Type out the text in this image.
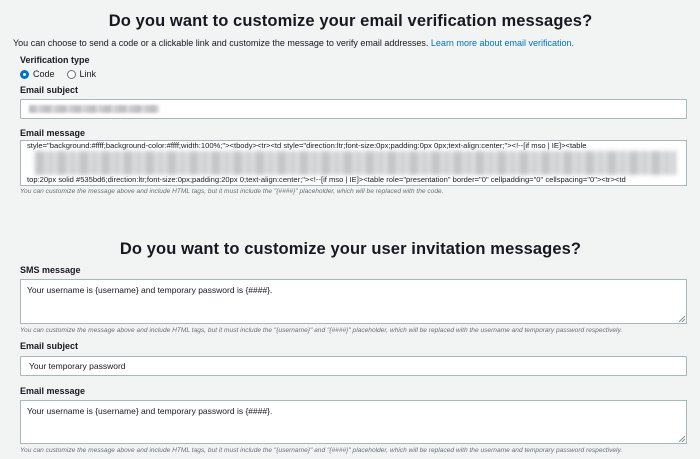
Do you want to customize your email verification messages?
You can choose to send a code or a clickable link and customize the message to verify email addresses. Learn more about email verification.
Verification type
Code	Link
Email subject
Email message
style="background:#ffff;background-color:#ffff;width:100%;"><tbody><tr><td style="direction:ltr;font-size:0px;padding:0px 0px;text-align:center;"><!--[if mso | IE]><table
top:20px solid #535bd6;direction:ltr;font-size:0px;padding:20px 0;text-align:center;"><!--[if mso | IE]><table role="presentation" border="0" cellpadding="0" cellspacing="0"><tr><td
You can customize the message above and include HTML tags, but it must include the "{####}" placeholder, which will be replaced with the code.
Do you want to customize your user invitation messages?
SMS message
Your username is {username} and temporary password is {####}.
You can customize the message above and include HTML tags, but it must include the "{username}" and "{####}" placeholder, which will be replaced with the username and temporary password respectively.
Email subject
Your temporary password
Email message
Your username is {username} and temporary password is {####}.
You can customize the message above and include HTML tags, but it must include the "{username}" and "{####}" placeholder, which will be replaced with the username and temporary password respectively.
